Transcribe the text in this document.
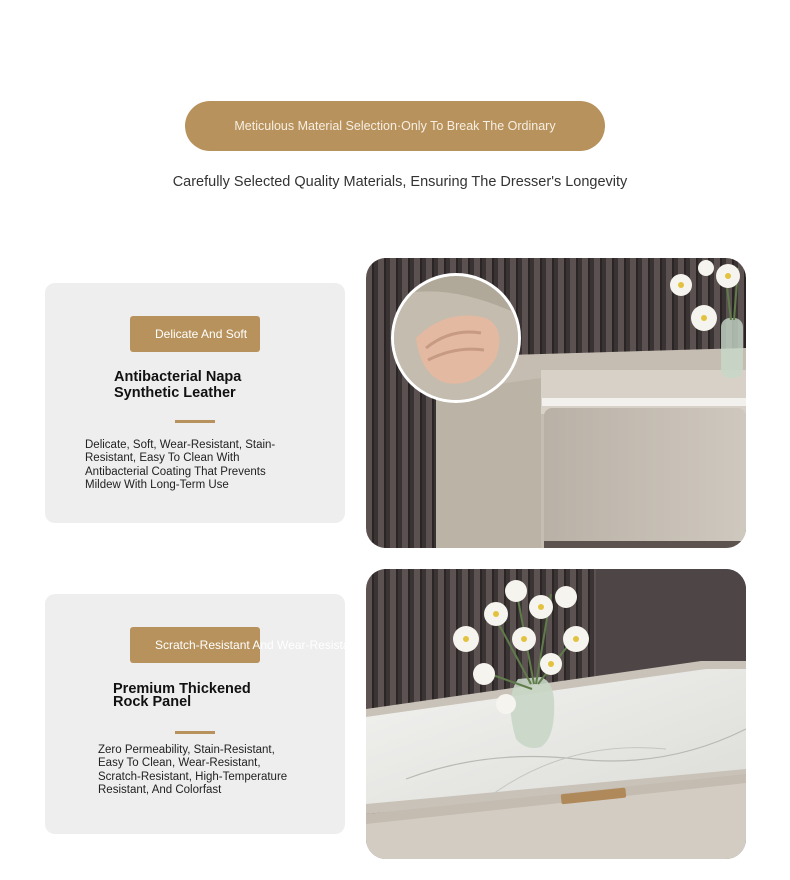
Meticulous Material Selection·Only To Break The Ordinary
Carefully Selected Quality Materials, Ensuring The Dresser's Longevity
Delicate And Soft
Antibacterial Napa Synthetic Leather
Delicate, Soft, Wear-Resistant, Stain-Resistant, Easy To Clean With Antibacterial Coating That Prevents Mildew With Long-Term Use
Scratch-Resistant And Wear-Resistant
Premium Thickened Rock Panel
Zero Permeability, Stain-Resistant, Easy To Clean, Wear-Resistant, Scratch-Resistant, High-Temperature Resistant, And Colorfast
